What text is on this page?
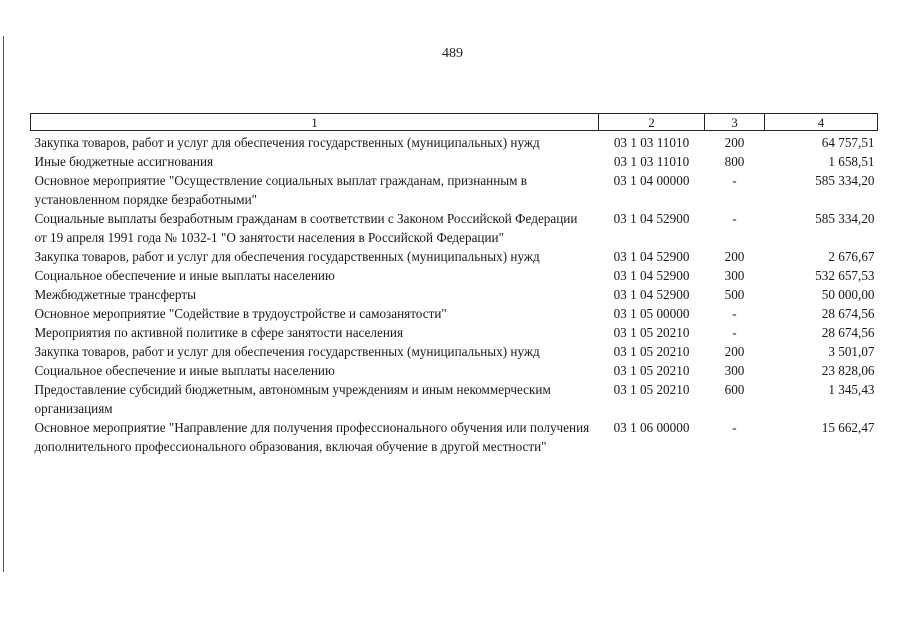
489
1	2	3	4
Закупка товаров, работ и услуг для обеспечения государственных (муниципальных) нужд	03 1 03 11010	200	64 757,51
Иные бюджетные ассигнования	03 1 03 11010	800	1 658,51
Основное мероприятие "Осуществление социальных выплат гражданам, признанным в установленном порядке безработными"	03 1 04 00000	-	585 334,20
Социальные выплаты безработным гражданам в соответствии с Законом Российской Федерации от 19 апреля 1991 года № 1032-1 "О занятости населения в Российской Федерации"	03 1 04 52900	-	585 334,20
Закупка товаров, работ и услуг для обеспечения государственных (муниципальных) нужд	03 1 04 52900	200	2 676,67
Социальное обеспечение и иные выплаты населению	03 1 04 52900	300	532 657,53
Межбюджетные трансферты	03 1 04 52900	500	50 000,00
Основное мероприятие "Содействие в трудоустройстве и самозанятости"	03 1 05 00000	-	28 674,56
Мероприятия по активной политике в сфере занятости населения	03 1 05 20210	-	28 674,56
Закупка товаров, работ и услуг для обеспечения государственных (муниципальных) нужд	03 1 05 20210	200	3 501,07
Социальное обеспечение и иные выплаты населению	03 1 05 20210	300	23 828,06
Предоставление субсидий бюджетным, автономным учреждениям и иным некоммерческим организациям	03 1 05 20210	600	1 345,43
Основное мероприятие "Направление для получения профессионального обучения или получения дополнительного профессионального образования, включая обучение в другой местности"	03 1 06 00000	-	15 662,47
